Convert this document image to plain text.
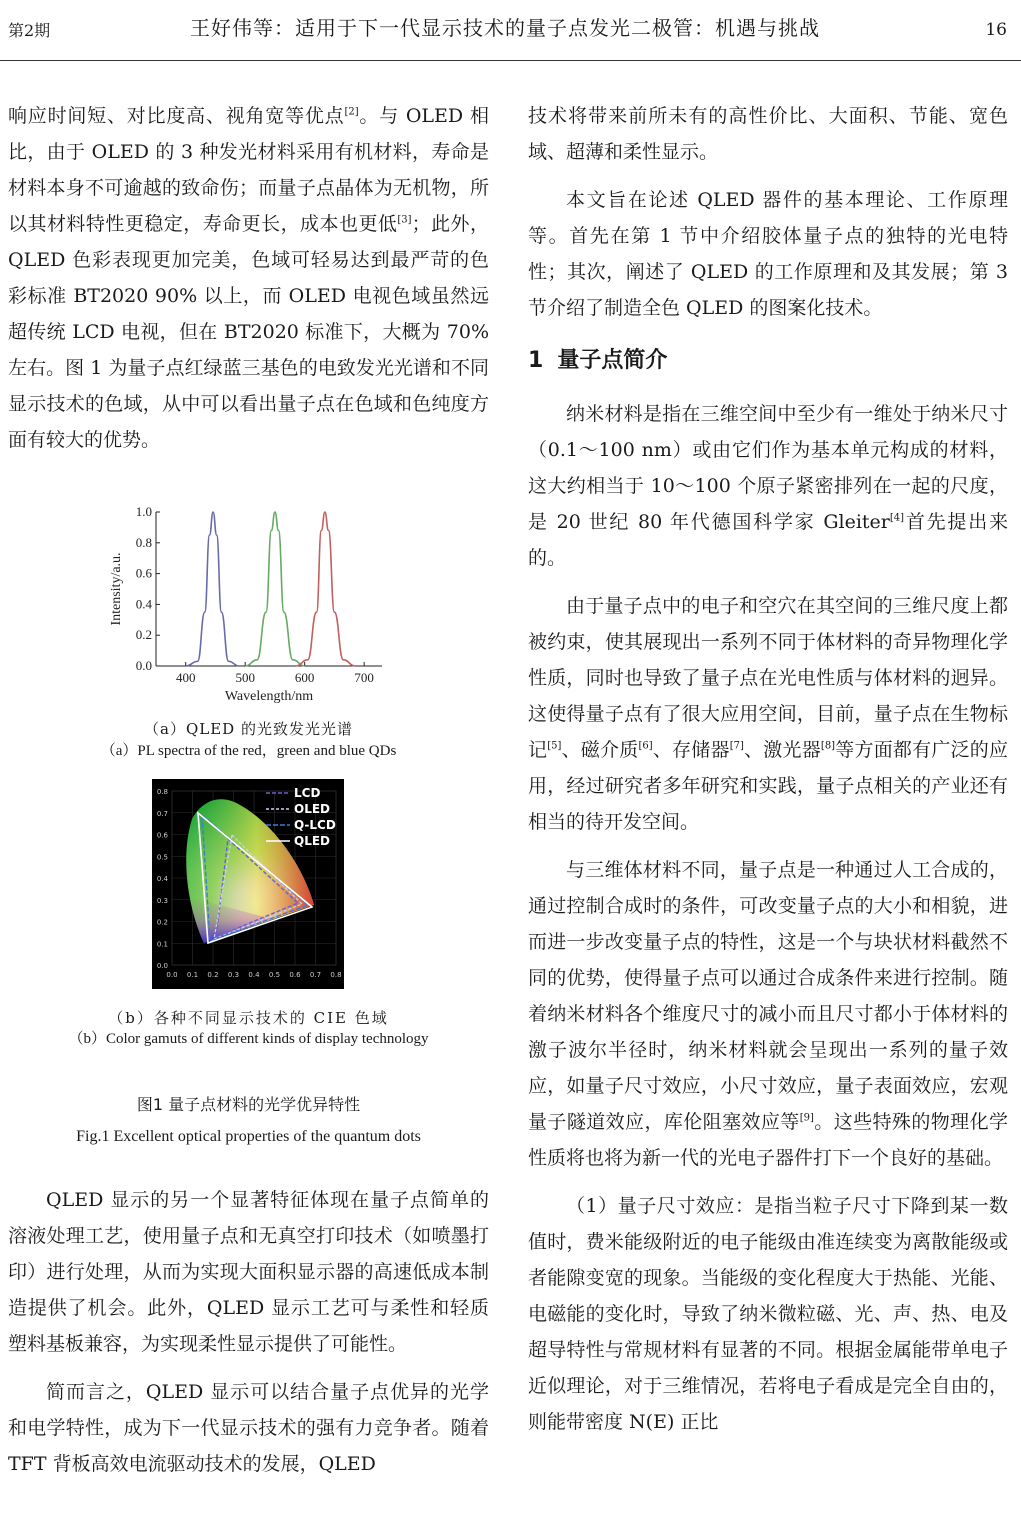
第2期	王好伟等：适用于下一代显示技术的量子点发光二极管：机遇与挑战	16

响应时间短、对比度高、视角宽等优点[2]。与 OLED 相比，由于 OLED 的 3 种发光材料采用有机材料，寿命是材料本身不可逾越的致命伤；而量子点晶体为无机物，所以其材料特性更稳定，寿命更长，成本也更低[3]；此外，QLED 色彩表现更加完美，色域可轻易达到最严苛的色彩标准 BT2020 90% 以上，而 OLED 电视色域虽然远超传统 LCD 电视，但在 BT2020 标准下，大概为 70% 左右。图 1 为量子点红绿蓝三基色的电致发光光谱和不同显示技术的色域，从中可以看出量子点在色域和色纯度方面有较大的优势。

0.0
0.2
0.4
0.6
0.8
1.0
400	500	600	700
Wavelength/nm
Intensity/a.u.
（a）QLED 的光致发光光谱
（a）PL spectra of the red，green and blue QDs
0.0 0.1 0.2 0.3 0.4 0.5 0.6 0.7 0.8
0.0
0.1
0.2
0.3
0.4
0.5
0.6
0.7
0.8	LCD
OLED
Q-LCD
QLED
（b）各种不同显示技术的 CIE 色域
（b）Color gamuts of different kinds of display technology
图1 量子点材料的光学优异特性
Fig.1 Excellent optical properties of the quantum dots

QLED 显示的另一个显著特征体现在量子点简单的溶液处理工艺，使用量子点和无真空打印技术（如喷墨打印）进行处理，从而为实现大面积显示器的高速低成本制造提供了机会。此外，QLED 显示工艺可与柔性和轻质塑料基板兼容，为实现柔性显示提供了可能性。

简而言之，QLED 显示可以结合量子点优异的光学和电学特性，成为下一代显示技术的强有力竞争者。随着 TFT 背板高效电流驱动技术的发展，QLED

技术将带来前所未有的高性价比、大面积、节能、宽色域、超薄和柔性显示。

本文旨在论述 QLED 器件的基本理论、工作原理等。首先在第 1 节中介绍胶体量子点的独特的光电特性；其次，阐述了 QLED 的工作原理和及其发展；第 3 节介绍了制造全色 QLED 的图案化技术。

1 量子点简介

纳米材料是指在三维空间中至少有一维处于纳米尺寸（0.1～100 nm）或由它们作为基本单元构成的材料，这大约相当于 10～100 个原子紧密排列在一起的尺度，是 20 世纪 80 年代德国科学家 Gleiter[4]首先提出来的。

由于量子点中的电子和空穴在其空间的三维尺度上都被约束，使其展现出一系列不同于体材料的奇异物理化学性质，同时也导致了量子点在光电性质与体材料的迥异。这使得量子点有了很大应用空间，目前，量子点在生物标记[5]、磁介质[6]、存储器[7]、激光器[8]等方面都有广泛的应用，经过研究者多年研究和实践，量子点相关的产业还有相当的待开发空间。

与三维体材料不同，量子点是一种通过人工合成的，通过控制合成时的条件，可改变量子点的大小和相貌，进而进一步改变量子点的特性，这是一个与块状材料截然不同的优势，使得量子点可以通过合成条件来进行控制。随着纳米材料各个维度尺寸的减小而且尺寸都小于体材料的激子波尔半径时，纳米材料就会呈现出一系列的量子效应，如量子尺寸效应，小尺寸效应，量子表面效应，宏观量子隧道效应，库伦阻塞效应等[9]。这些特殊的物理化学性质将也将为新一代的光电子器件打下一个良好的基础。

（1）量子尺寸效应：是指当粒子尺寸下降到某一数值时，费米能级附近的电子能级由准连续变为离散能级或者能隙变宽的现象。当能级的变化程度大于热能、光能、电磁能的变化时，导致了纳米微粒磁、光、声、热、电及超导特性与常规材料有显著的不同。根据金属能带单电子近似理论，对于三维情况，若将电子看成是完全自由的，则能带密度 N(E) 正比
